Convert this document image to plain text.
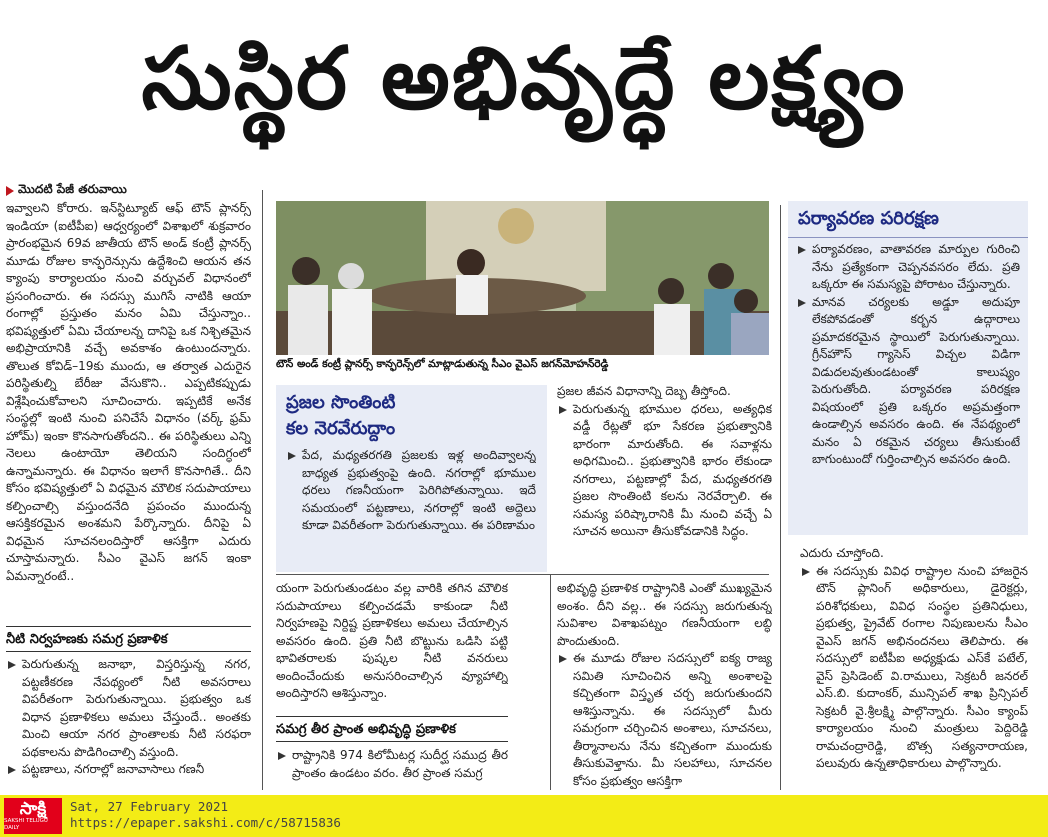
సుస్థిర అభివృద్ధే లక్ష్యం
మొదటి పేజీ తరువాయి

ఇవ్వాలని కోరారు. ఇన్‌స్టిట్యూట్ ఆఫ్ టౌన్ ప్లానర్స్ ఇండియా (ఐటీపీఐ) ఆధ్వర్యంలో విశాఖలో శుక్రవారం ప్రారంభమైన 69వ జాతీయ టౌన్ అండ్ కంట్రీ ప్లానర్స్ మూడు రోజుల కాన్ఫరెన్సును ఉద్దేశించి ఆయన తన క్యాంపు కార్యాలయం నుంచి వర్చువల్ విధానంలో ప్రసంగించారు. ఈ సదస్సు ముగిసే నాటికి ఆయా రంగాల్లో ప్రస్తుతం మనం ఏమి చేస్తున్నాం.. భవిష్యత్తులో ఏమి చేయాలన్న దానిపై ఒక నిశ్చితమైన అభిప్రాయానికి వచ్చే అవకాశం ఉంటుందన్నారు. తొలుత కోవిడ్–19కు ముందు, ఆ తర్వాత ఎదురైన పరిస్థితుల్ని బేరీజు వేసుకొని.. ఎప్పటికప్పుడు విశ్లేషించుకోవాలని సూచించారు. ఇప్పటికే అనేక సంస్థల్లో ఇంటి నుంచి పనిచేసే విధానం (వర్క్ ఫ్రమ్ హోమ్) ఇంకా కొనసాగుతోందని.. ఈ పరిస్థితులు ఎన్ని నెలలు ఉంటాయో తెలియని సందిగ్ధంలో ఉన్నామన్నారు. ఈ విధానం ఇలాగే కొనసాగితే.. దీని కోసం భవిష్యత్తులో ఏ విధమైన మౌలిక సదుపాయాలు కల్పించాల్సి వస్తుందనేది ప్రపంచం ముందున్న ఆసక్తికరమైన అంశమని పేర్కొన్నారు. దీనిపై ఏ విధమైన సూచనలందిస్తారో ఆసక్తిగా ఎదురు చూస్తామన్నారు. సీఎం వైఎస్ జగన్ ఇంకా ఏమన్నారంటే..

నీటి నిర్వహణకు సమగ్ర ప్రణాళిక

పెరుగుతున్న జనాభా, విస్తరిస్తున్న నగర, పట్టణీకరణ నేపథ్యంలో నీటి అవసరాలు విపరీతంగా పెరుగుతున్నాయి. ప్రభుత్వం ఒక విధాన ప్రణాళికలు అమలు చేస్తుందే.. అంతకు మించి ఆయా నగర ప్రాంతాలకు నీటి సరఫరా పథకాలను పొడిగించాల్సి వస్తుంది.

పట్టణాలు, నగరాల్లో జనావాసాలు గణనీ

టౌన్ అండ్ కంట్రీ ప్లానర్స్ కాన్ఫరెన్స్‌లో మాట్లాడుతున్న సీఎం వైఎస్ జగన్‌మోహన్‌రెడ్డి
ప్రజల సొంతింటి
కల నెరవేరుద్దాం

పేద, మధ్యతరగతి ప్రజలకు ఇళ్ల అందివ్వాలన్న బాధ్యత ప్రభుత్వంపై ఉంది. నగరాల్లో భూముల ధరలు గణనీయంగా పెరిగిపోతున్నాయి. ఇదే సమయంలో పట్టణాలు, నగరాల్లో ఇంటి అద్దెలు కూడా వివరీతంగా పెరుగుతున్నాయి. ఈ పరిణామం

యంగా పెరుగుతుండటం వల్ల వారికి తగిన మౌలిక సదుపాయాలు కల్పించడమే కాకుండా నీటి నిర్వహణపై నిర్దిష్ట ప్రణాళికలు అమలు చేయాల్సిన అవసరం ఉంది. ప్రతి నీటి బొట్టును ఒడిసి పట్టి భావితరాలకు పుష్కల నీటి వనరులు అందించేందుకు అనుసరించాల్సిన వ్యూహాల్ని అందిస్తారని ఆశిస్తున్నాం.

సమగ్ర తీర ప్రాంత అభివృద్ధి ప్రణాళిక

రాష్ట్రానికి 974 కిలోమీటర్ల సుదీర్ఘ సముద్ర తీర ప్రాంతం ఉండటం వరం. తీర ప్రాంత సమగ్ర

ప్రజల జీవన విధానాన్ని దెబ్బ తీస్తోంది.

పెరుగుతున్న భూముల ధరలు, అత్యధిక వడ్డీ రేట్లతో భూ సేకరణ ప్రభుత్వానికి భారంగా మారుతోంది. ఈ సవాళ్లను అధిగమించి.. ప్రభుత్వానికి భారం లేకుండా నగరాలు, పట్టణాల్లో పేద, మధ్యతరగతి ప్రజల సొంతింటి కలను నెరవేర్చాలి. ఈ సమస్య పరిష్కారానికి మీ నుంచి వచ్చే ఏ సూచన అయినా తీసుకోవడానికి సిద్ధం.

అభివృద్ధి ప్రణాళిక రాష్ట్రానికి ఎంతో ముఖ్యమైన అంశం. దీని వల్ల.. ఈ సదస్సు జరుగుతున్న సువిశాల విశాఖపట్నం గణనీయంగా లబ్ధి పొందుతుంది.

ఈ మూడు రోజుల సదస్సులో ఐక్య రాజ్య సమితి సూచించిన అన్ని అంశాలపై కచ్చితంగా విస్తృత చర్చ జరుగుతుందని ఆశిస్తున్నాను. ఈ సదస్సులో మీరు సమగ్రంగా చర్చించిన అంశాలు, సూచనలు, తీర్మానాలను నేను కచ్చితంగా ముందుకు తీసుకువెళ్తాను. మీ సలహాలు, సూచనల కోసం ప్రభుత్వం ఆసక్తిగా

పర్యావరణ పరిరక్షణ

పర్యావరణం, వాతావరణ మార్పుల గురించి నేను ప్రత్యేకంగా చెప్పనవసరం లేదు. ప్రతి ఒక్కరూ ఈ సమస్యపై పోరాటం చేస్తున్నారు.

మానవ చర్యలకు అడ్డూ అదుపూ లేకపోవడంతో కర్బన ఉద్గారాలు ప్రమాదకరమైన స్థాయిలో పెరుగుతున్నాయి. గ్రీన్‌హౌస్ గ్యాసెస్ విచ్చల విడిగా విడుదలవుతుండటంతో కాలుష్యం పెరుగుతోంది. పర్యావరణ పరిరక్షణ విషయంలో ప్రతి ఒక్కరం అప్రమత్తంగా ఉండాల్సిన అవసరం ఉంది. ఈ నేపథ్యంలో మనం ఏ రకమైన చర్యలు తీసుకుంటే బాగుంటుందో గుర్తించాల్సిన అవసరం ఉంది.

ఎదురు చూస్తోంది.

ఈ సదస్సుకు వివిధ రాష్ట్రాల నుంచి హాజరైన టౌన్ ప్లానింగ్ అధికారులు, డైరెక్టర్లు, పరిశోధకులు, వివిధ సంస్థల ప్రతినిధులు, ప్రభుత్వ, ప్రైవేట్ రంగాల నిపుణులను సీఎం వైఎస్ జగన్ అభినందనలు తెలిపారు. ఈ సదస్సులో ఐటీపీఐ అధ్యక్షుడు ఎస్‌కే పటేల్, వైస్ ప్రెసిడెంట్ వి.రాములు, సెక్రటరీ జనరల్ ఎస్.బి. కుదాంకర్, మున్సిపల్ శాఖ ప్రిన్సిపల్ సెక్రటరీ వై.శ్రీలక్ష్మి పాల్గొన్నారు. సీఎం క్యాంప్ కార్యాలయం నుంచి మంత్రులు పెద్దిరెడ్డి రామచంద్రారెడ్డి, బొత్స సత్యనారాయణ, పలువురు ఉన్నతాధికారులు పాల్గొన్నారు.

సాక్షి
SAKSHI TELUGU DAILY
Sat, 27 February 2021
https://epaper.sakshi.com/c/58715836
